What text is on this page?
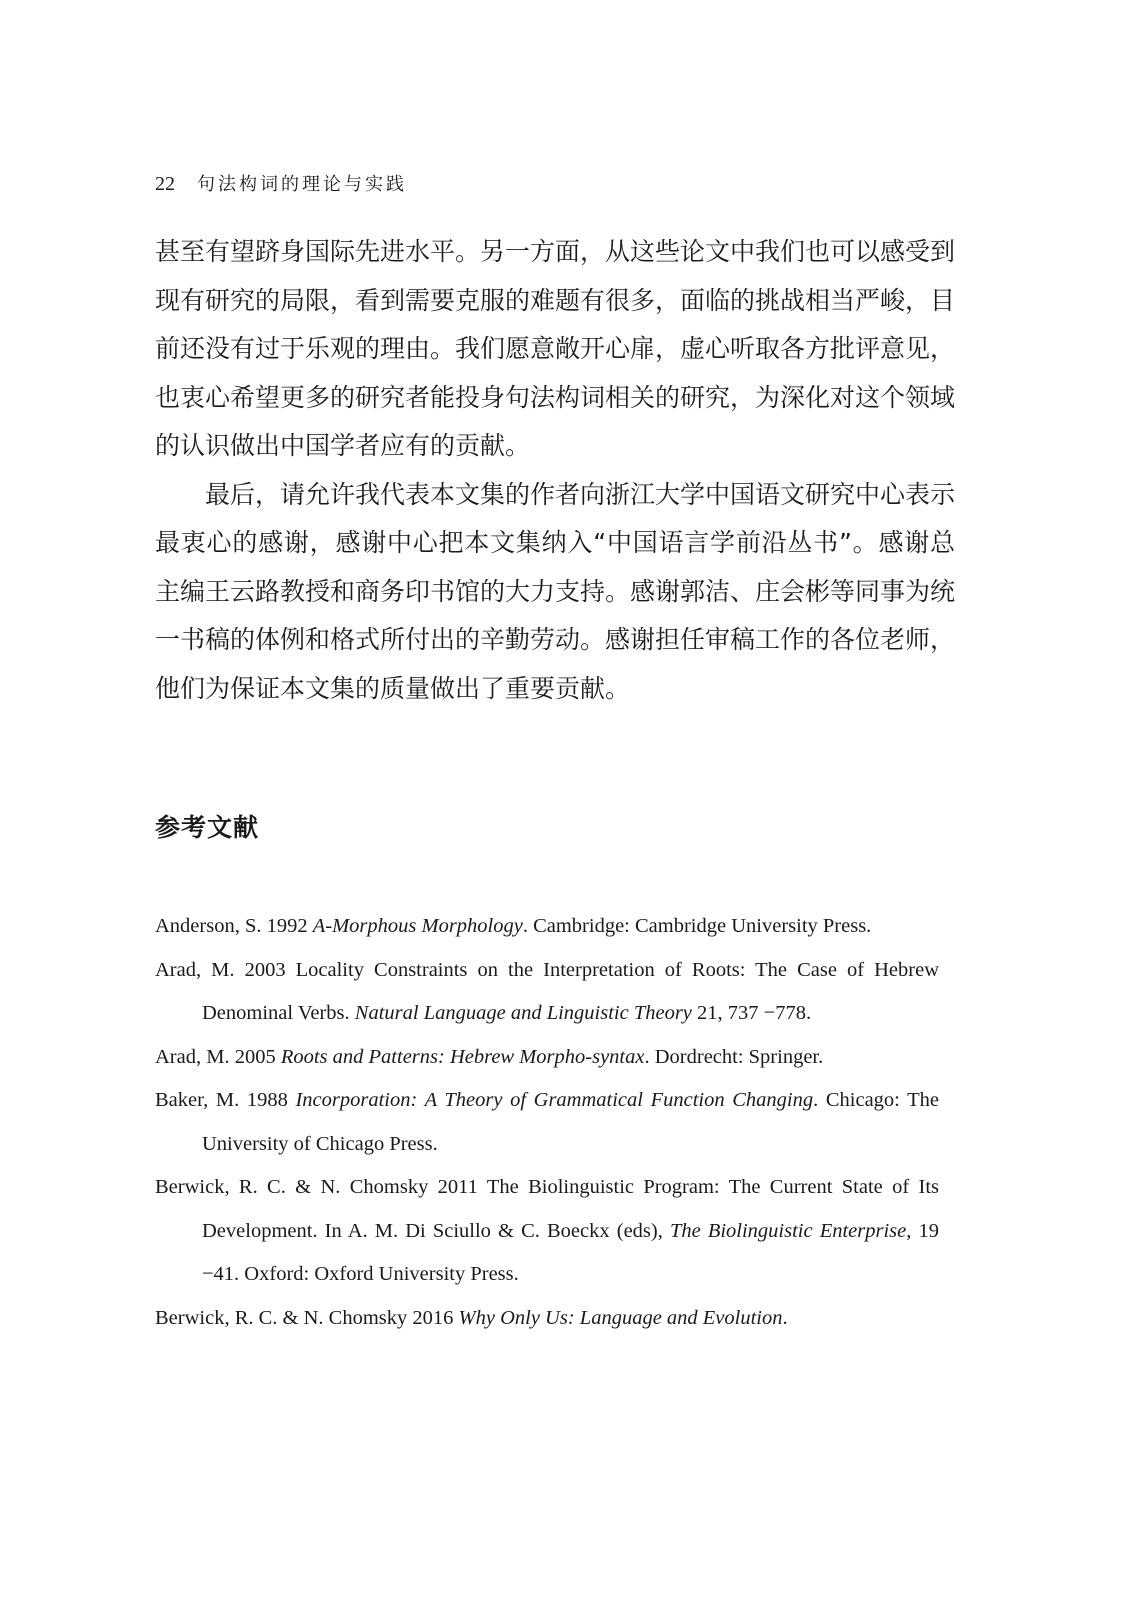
22 句法构词的理论与实践

甚至有望跻身国际先进水平。另一方面，从这些论文中我们也可以感受到现有研究的局限，看到需要克服的难题有很多，面临的挑战相当严峻，目前还没有过于乐观的理由。我们愿意敞开心扉，虚心听取各方批评意见，也衷心希望更多的研究者能投身句法构词相关的研究，为深化对这个领域的认识做出中国学者应有的贡献。

最后，请允许我代表本文集的作者向浙江大学中国语文研究中心表示最衷心的感谢，感谢中心把本文集纳入“中国语言学前沿丛书”。感谢总主编王云路教授和商务印书馆的大力支持。感谢郭洁、庄会彬等同事为统一书稿的体例和格式所付出的辛勤劳动。感谢担任审稿工作的各位老师，他们为保证本文集的质量做出了重要贡献。

参考文献

Anderson, S. 1992 A-Morphous Morphology. Cambridge: Cambridge University Press.

Arad, M. 2003 Locality Constraints on the Interpretation of Roots: The Case of Hebrew Denominal Verbs. Natural Language and Linguistic Theory 21, 737 −778.

Arad, M. 2005 Roots and Patterns: Hebrew Morpho-syntax. Dordrecht: Springer.

Baker, M. 1988 Incorporation: A Theory of Grammatical Function Changing. Chicago: The University of Chicago Press.

Berwick, R. C. & N. Chomsky 2011 The Biolinguistic Program: The Current State of Its Development. In A. M. Di Sciullo & C. Boeckx (eds), The Biolinguistic Enterprise, 19 −41. Oxford: Oxford University Press.

Berwick, R. C. & N. Chomsky 2016 Why Only Us: Language and Evolution.
